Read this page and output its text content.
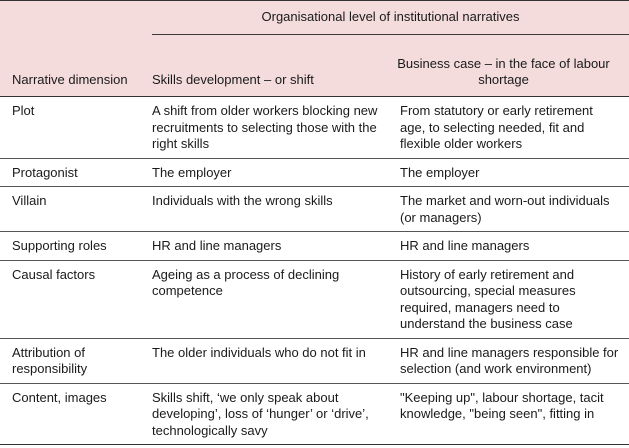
Organisational level of institutional narratives		

Narrative dimension	Skills development – or shift	Business case – in the face of labour shortage
Plot	A shift from older workers blocking new recruitments to selecting those with the right skills	From statutory or early retirement age, to selecting needed, fit and flexible older workers
Protagonist	The employer	The employer
Villain	Individuals with the wrong skills	The market and worn-out individuals (or managers)
Supporting roles	HR and line managers	HR and line managers
Causal factors	Ageing as a process of declining competence	History of early retirement and outsourcing, special measures required, managers need to understand the business case
Attribution of responsibility	The older individuals who do not fit in	HR and line managers responsible for selection (and work environment)
Content, images	Skills shift, ‘we only speak about developing’, loss of ‘hunger’ or ‘drive’, technologically savy	"Keeping up", labour shortage, tacit knowledge, "being seen", fitting in
